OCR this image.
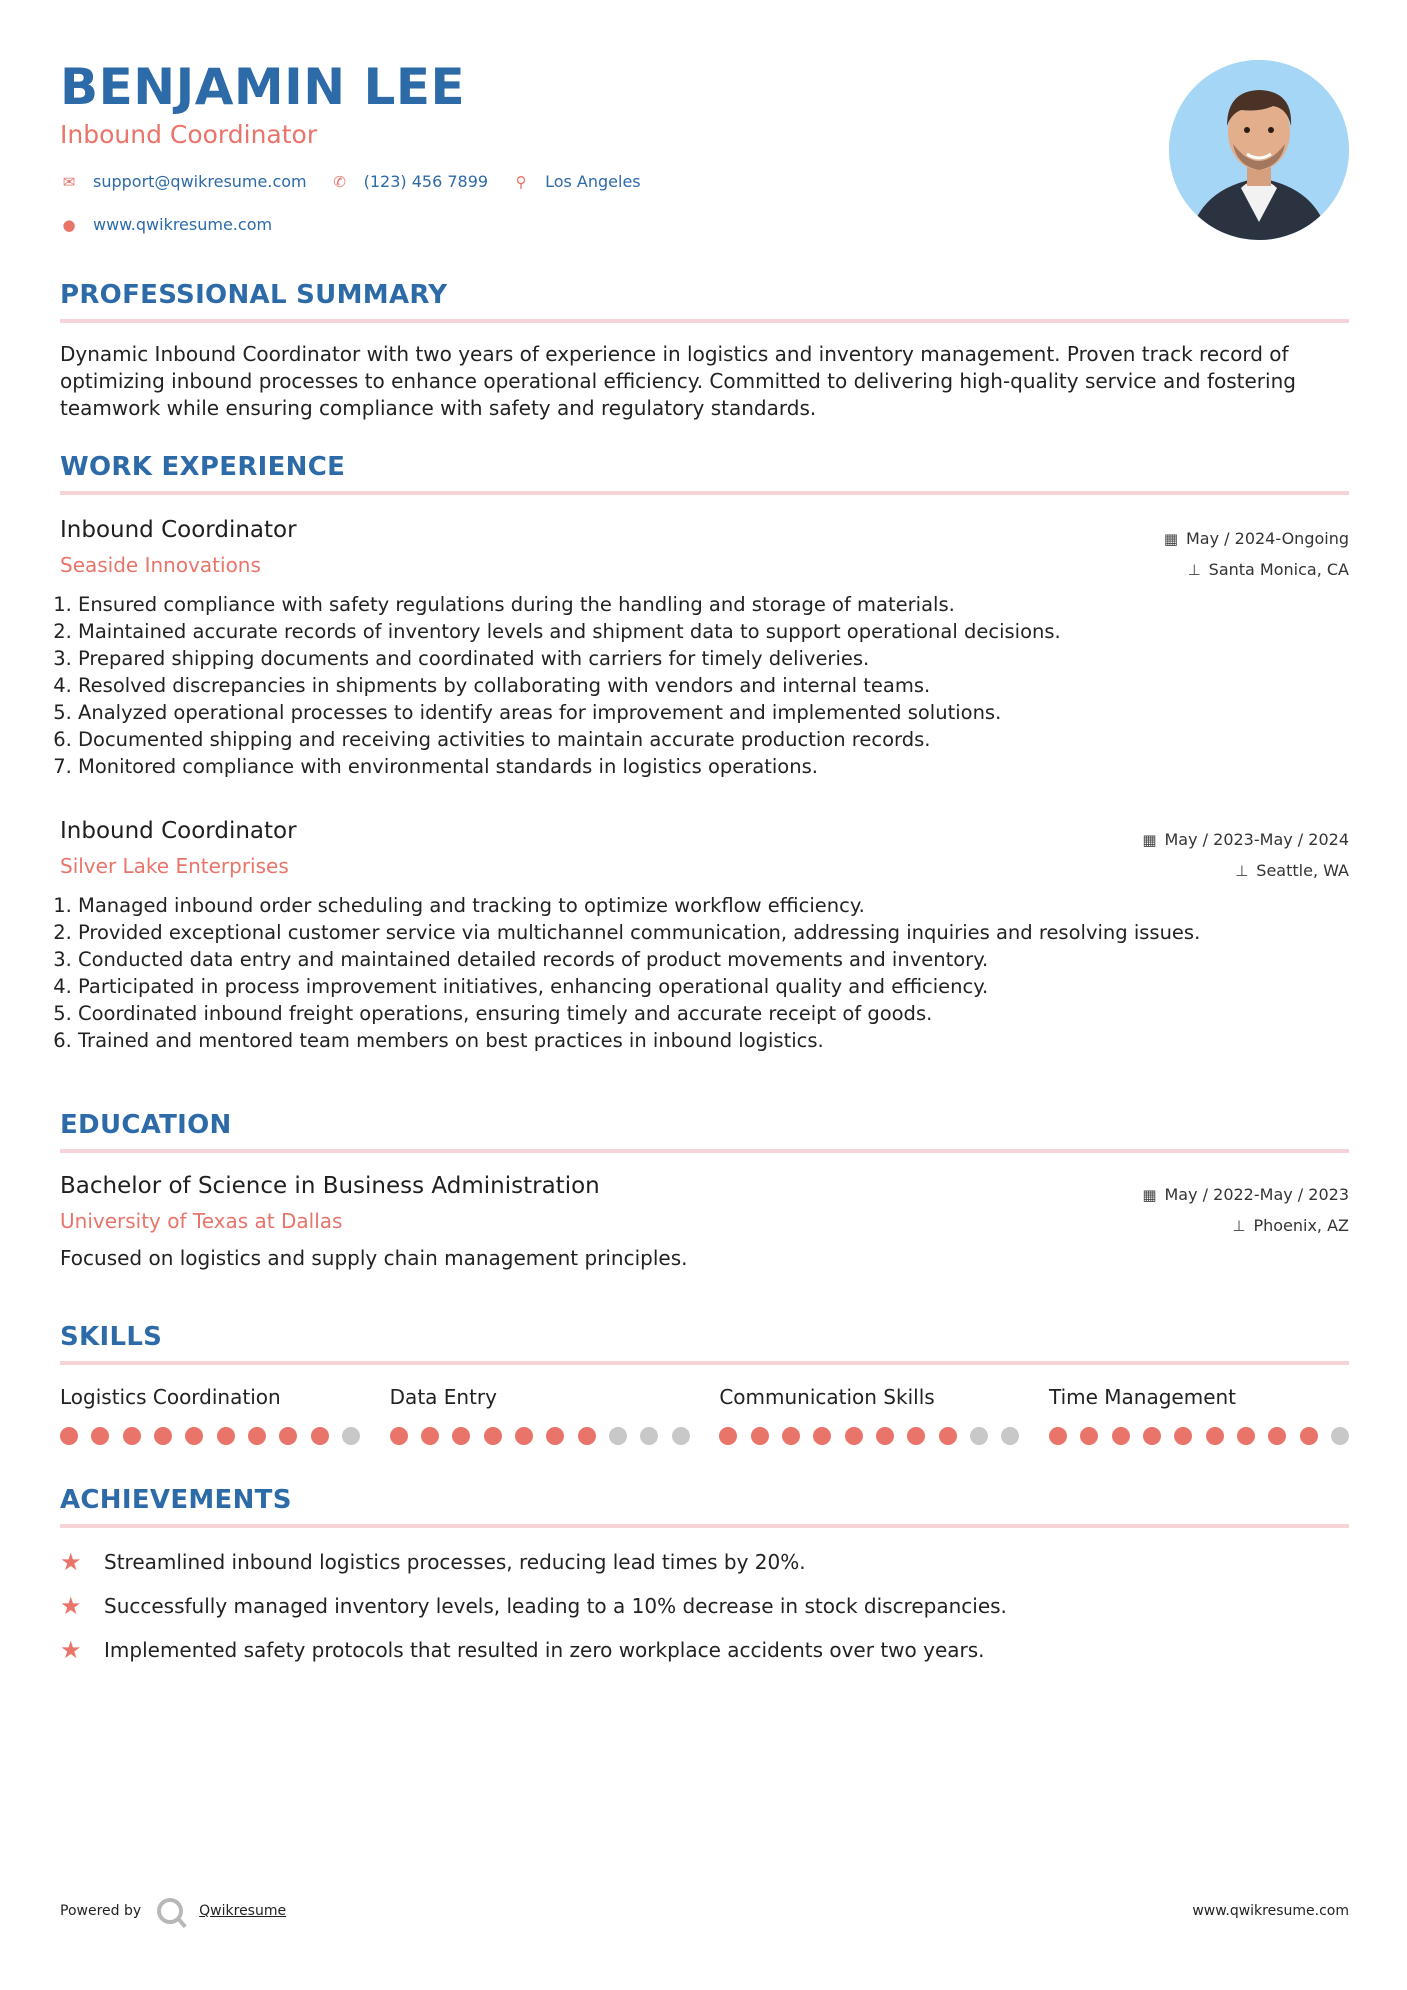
BENJAMIN LEE
Inbound Coordinator
✉ support@qwikresume.com ✆ (123) 456 7899 ⚲ Los Angeles
● www.qwikresume.com
PROFESSIONAL SUMMARY
Dynamic Inbound Coordinator with two years of experience in logistics and inventory management. Proven track record of optimizing inbound processes to enhance operational efficiency. Committed to delivering high-quality service and fostering teamwork while ensuring compliance with safety and regulatory standards.
WORK EXPERIENCE
Inbound Coordinator
Seaside Innovations
▦ May / 2024-Ongoing
⊥ Santa Monica, CA
1. Ensured compliance with safety regulations during the handling and storage of materials.
2. Maintained accurate records of inventory levels and shipment data to support operational decisions.
3. Prepared shipping documents and coordinated with carriers for timely deliveries.
4. Resolved discrepancies in shipments by collaborating with vendors and internal teams.
5. Analyzed operational processes to identify areas for improvement and implemented solutions.
6. Documented shipping and receiving activities to maintain accurate production records.
7. Monitored compliance with environmental standards in logistics operations.
Inbound Coordinator
Silver Lake Enterprises
▦ May / 2023-May / 2024
⊥ Seattle, WA
1. Managed inbound order scheduling and tracking to optimize workflow efficiency.
2. Provided exceptional customer service via multichannel communication, addressing inquiries and resolving issues.
3. Conducted data entry and maintained detailed records of product movements and inventory.
4. Participated in process improvement initiatives, enhancing operational quality and efficiency.
5. Coordinated inbound freight operations, ensuring timely and accurate receipt of goods.
6. Trained and mentored team members on best practices in inbound logistics.
EDUCATION
Bachelor of Science in Business Administration
University of Texas at Dallas
▦ May / 2022-May / 2023
⊥ Phoenix, AZ
Focused on logistics and supply chain management principles.
SKILLS
Logistics Coordination	Data Entry	Communication Skills	Time Management
ACHIEVEMENTS
★	Streamlined inbound logistics processes, reducing lead times by 20%.
★	Successfully managed inventory levels, leading to a 10% decrease in stock discrepancies.
★	Implemented safety protocols that resulted in zero workplace accidents over two years.
Powered by	Qwikresume	www.qwikresume.com
